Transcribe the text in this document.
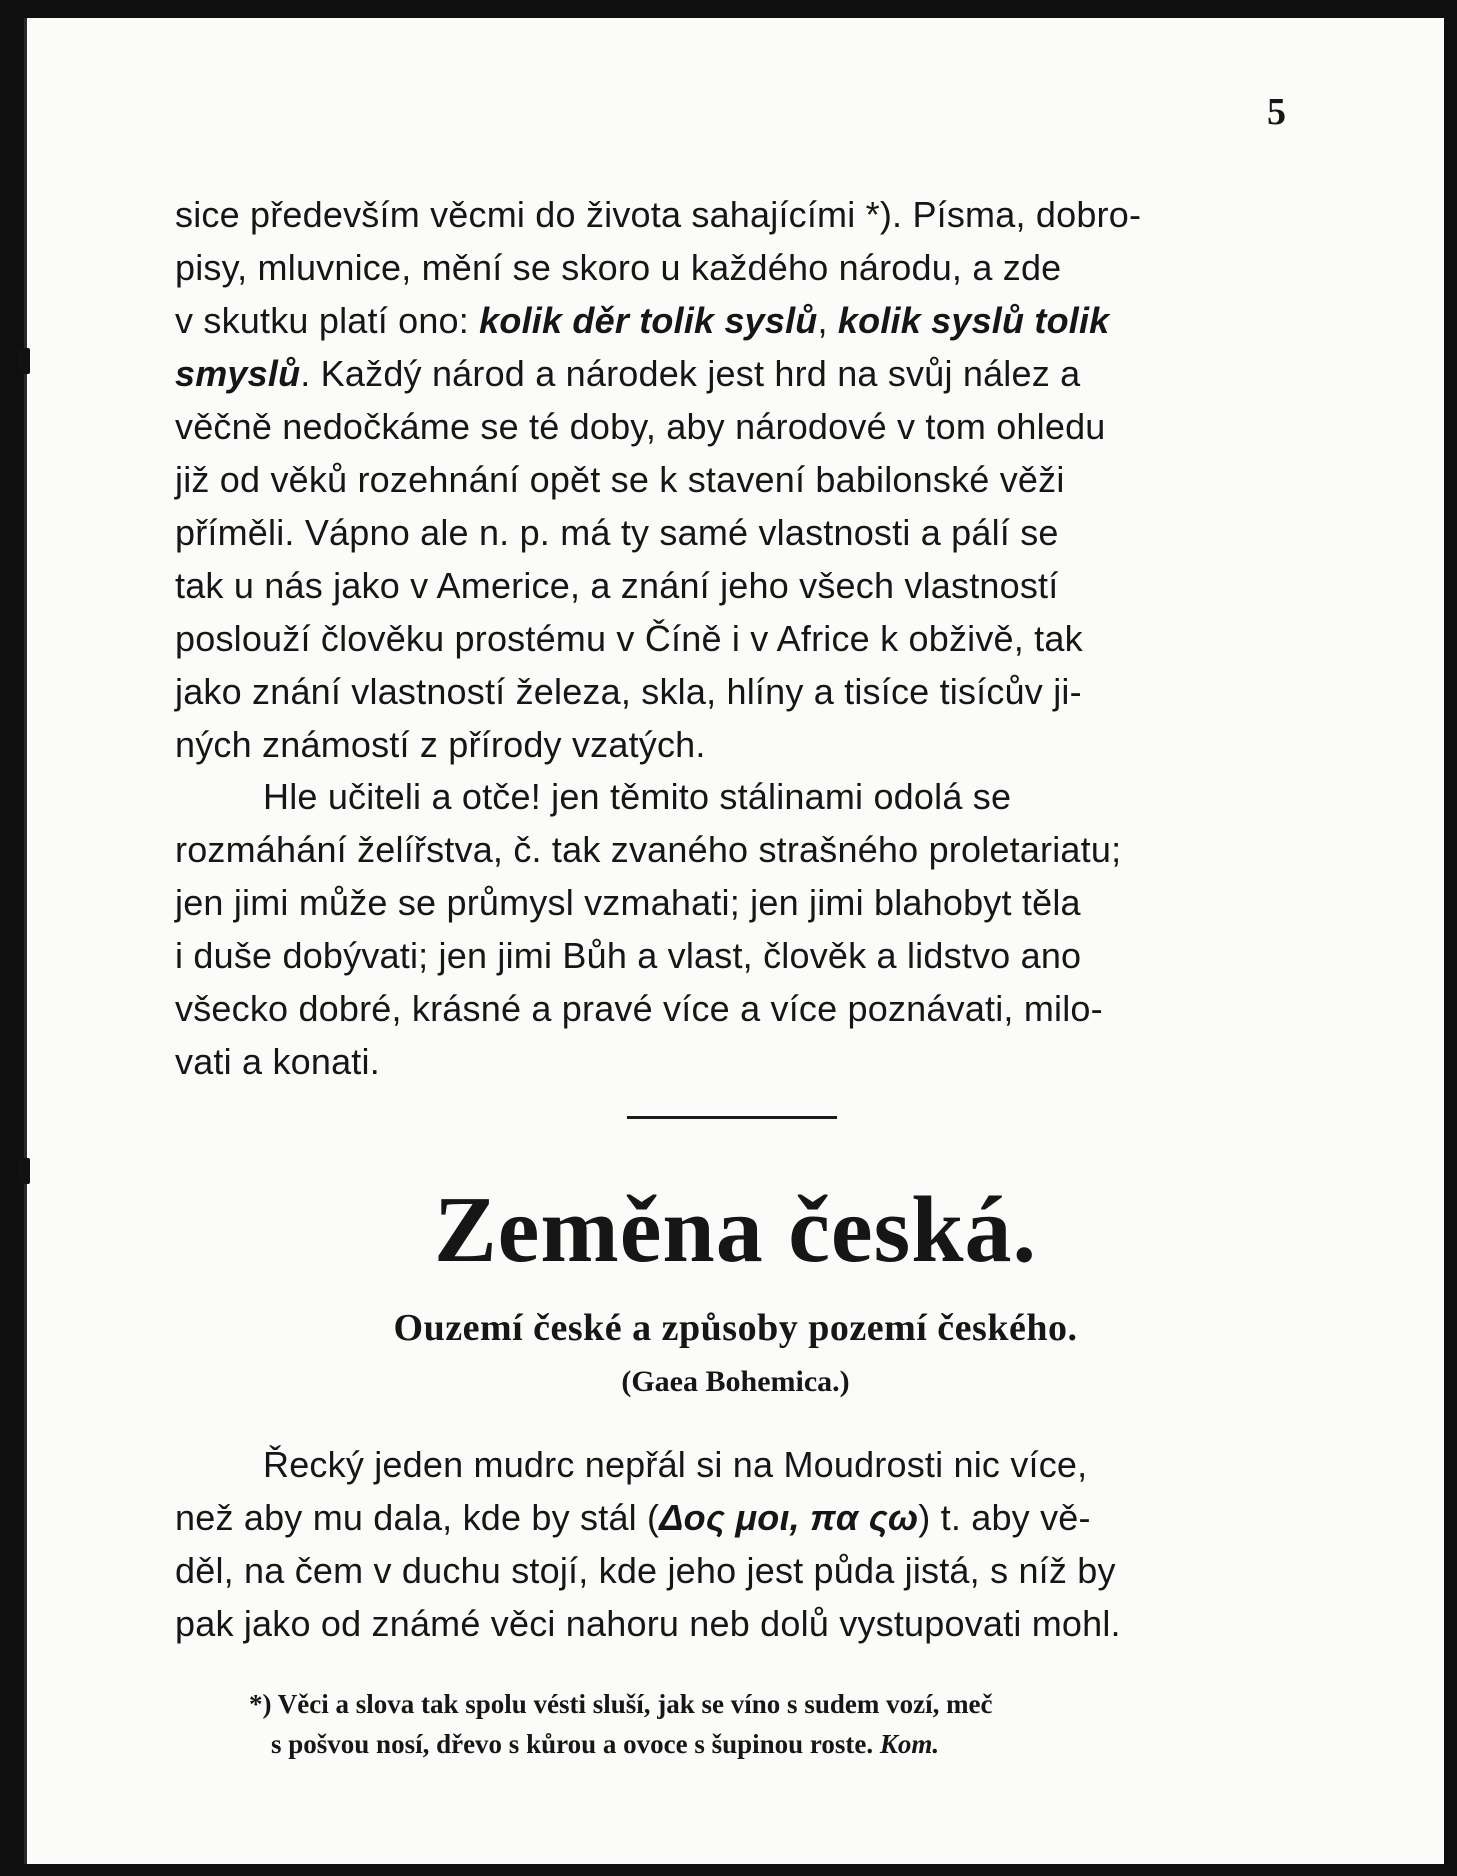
5

sice především věcmi do života sahajícími *). Písma, dobro-

pisy, mluvnice, mění se skoro u každého národu, a zde

v skutku platí ono: kolik děr tolik syslů, kolik syslů tolik

smyslů. Každý národ a národek jest hrd na svůj nález a

věčně nedočkáme se té doby, aby národové v tom ohledu

již od věků rozehnání opět se k stavení babilonské věži

příměli. Vápno ale n. p. má ty samé vlastnosti a pálí se

tak u nás jako v Americe, a znání jeho všech vlastností

poslouží člověku prostému v Číně i v Africe k obživě, tak

jako znání vlastností železa, skla, hlíny a tisíce tisícův ji-

ných známostí z přírody vzatých.

Hle učiteli a otče! jen těmito stálinami odolá se

rozmáhání želířstva, č. tak zvaného strašného proletariatu;

jen jimi může se průmysl vzmahati; jen jimi blahobyt těla

i duše dobývati; jen jimi Bůh a vlast, člověk a lidstvo ano

všecko dobré, krásné a pravé více a více poznávati, milo-

vati a konati.

Zeměna česká.
Ouzemí české a způsoby pozemí českého.
(Gaea Bohemica.)

Řecký jeden mudrc nepřál si na Moudrosti nic více,

než aby mu dala, kde by stál (Δος μοι, πα ςω) t. aby vě-

děl, na čem v duchu stojí, kde jeho jest půda jistá, s níž by

pak jako od známé věci nahoru neb dolů vystupovati mohl.

*) Věci a slova tak spolu vésti sluší, jak se víno s sudem vozí, meč
s pošvou nosí, dřevo s kůrou a ovoce s šupinou roste. Kom.
